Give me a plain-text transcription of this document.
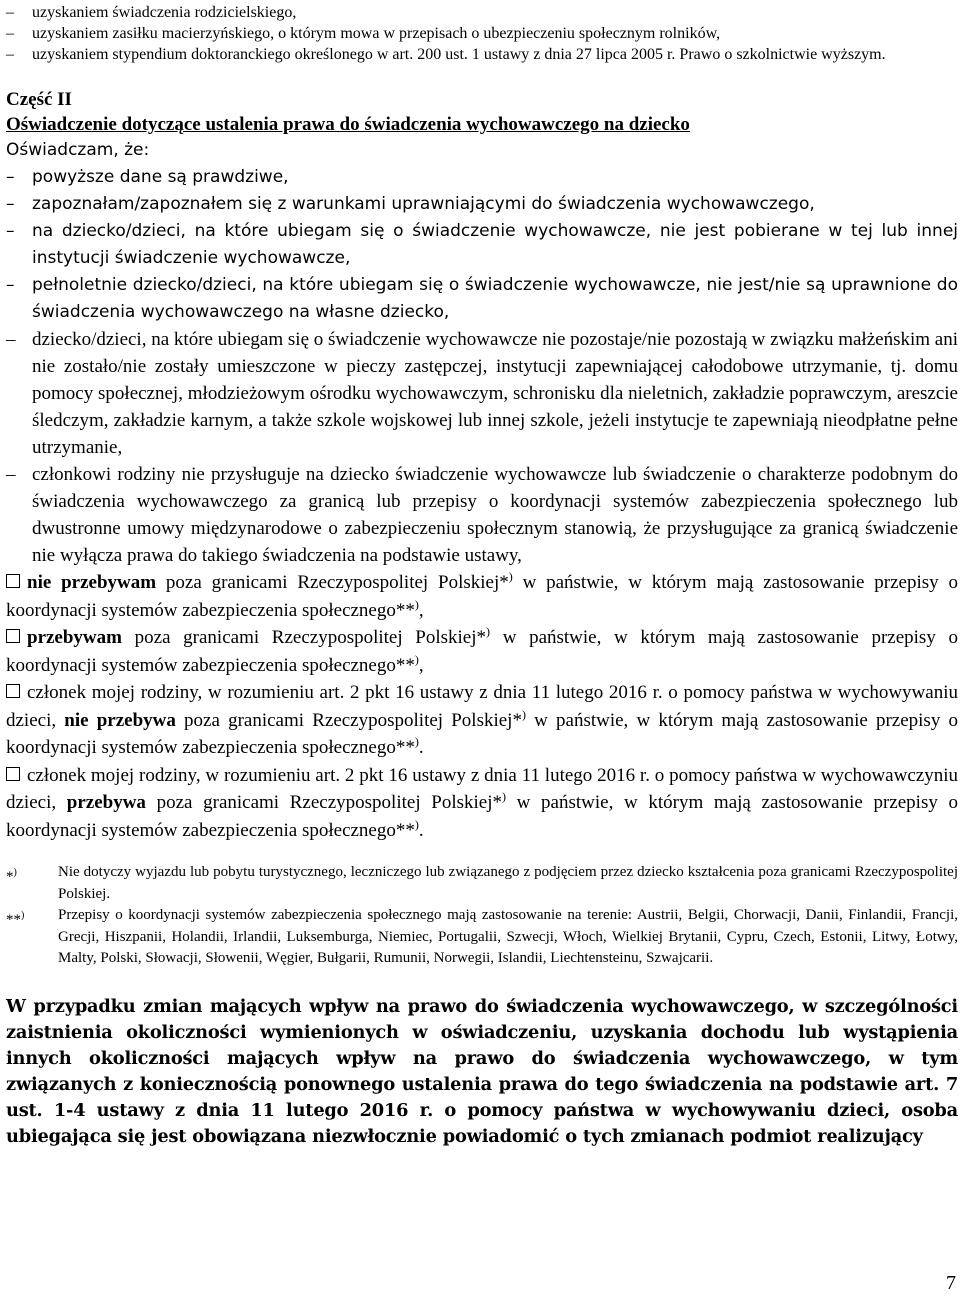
– uzyskaniem świadczenia rodzicielskiego,
– uzyskaniem zasiłku macierzyńskiego, o którym mowa w przepisach o ubezpieczeniu społecznym rolników,
– uzyskaniem stypendium doktoranckiego określonego w art. 200 ust. 1 ustawy z dnia 27 lipca 2005 r. Prawo o szkolnictwie wyższym.
Część II
Oświadczenie dotyczące ustalenia prawa do świadczenia wychowawczego na dziecko
Oświadczam, że:
– powyższe dane są prawdziwe,
– zapoznałam/zapoznałem się z warunkami uprawniającymi do świadczenia wychowawczego,
– na dziecko/dzieci, na które ubiegam się o świadczenie wychowawcze, nie jest pobierane w tej lub innej instytucji świadczenie wychowawcze,
– pełnoletnie dziecko/dzieci, na które ubiegam się o świadczenie wychowawcze, nie jest/nie są uprawnione do świadczenia wychowawczego na własne dziecko,
– dziecko/dzieci, na które ubiegam się o świadczenie wychowawcze nie pozostaje/nie pozostają w związku małżeńskim ani nie zostało/nie zostały umieszczone w pieczy zastępczej, instytucji zapewniającej całodobowe utrzymanie, tj. domu pomocy społecznej, młodzieżowym ośrodku wychowawczym, schronisku dla nieletnich, zakładzie poprawczym, areszcie śledczym, zakładzie karnym, a także szkole wojskowej lub innej szkole, jeżeli instytucje te zapewniają nieodpłatne pełne utrzymanie,
– członkowi rodziny nie przysługuje na dziecko świadczenie wychowawcze lub świadczenie o charakterze podobnym do świadczenia wychowawczego za granicą lub przepisy o koordynacji systemów zabezpieczenia społecznego lub dwustronne umowy międzynarodowe o zabezpieczeniu społecznym stanowią, że przysługujące za granicą świadczenie nie wyłącza prawa do takiego świadczenia na podstawie ustawy,
nie przebywam poza granicami Rzeczypospolitej Polskiej*) w państwie, w którym mają zastosowanie przepisy o koordynacji systemów zabezpieczenia społecznego**),
przebywam poza granicami Rzeczypospolitej Polskiej*) w państwie, w którym mają zastosowanie przepisy o koordynacji systemów zabezpieczenia społecznego**),
członek mojej rodziny, w rozumieniu art. 2 pkt 16 ustawy z dnia 11 lutego 2016 r. o pomocy państwa w wychowywaniu dzieci, nie przebywa poza granicami Rzeczypospolitej Polskiej*) w państwie, w którym mają zastosowanie przepisy o koordynacji systemów zabezpieczenia społecznego**).
członek mojej rodziny, w rozumieniu art. 2 pkt 16 ustawy z dnia 11 lutego 2016 r. o pomocy państwa w wychowawczyniu dzieci, przebywa poza granicami Rzeczypospolitej Polskiej*) w państwie, w którym mają zastosowanie przepisy o koordynacji systemów zabezpieczenia społecznego**).
*)	Nie dotyczy wyjazdu lub pobytu turystycznego, leczniczego lub związanego z podjęciem przez dziecko kształcenia poza granicami Rzeczypospolitej Polskiej.
**) Przepisy o koordynacji systemów zabezpieczenia społecznego mają zastosowanie na terenie: Austrii, Belgii, Chorwacji, Danii, Finlandii, Francji, Grecji, Hiszpanii, Holandii, Irlandii, Luksemburga, Niemiec, Portugalii, Szwecji, Włoch, Wielkiej Brytanii, Cypru, Czech, Estonii, Litwy, Łotwy, Malty, Polski, Słowacji, Słowenii, Węgier, Bułgarii, Rumunii, Norwegii, Islandii, Liechtensteinu, Szwajcarii.
W przypadku zmian mających wpływ na prawo do świadczenia wychowawczego, w szczególności zaistnienia okoliczności wymienionych w oświadczeniu, uzyskania dochodu lub wystąpienia innych okoliczności mających wpływ na prawo do świadczenia wychowawczego, w tym związanych z koniecznością ponownego ustalenia prawa do tego świadczenia na podstawie art. 7 ust. 1-4 ustawy z dnia 11 lutego 2016 r. o pomocy państwa w wychowywaniu dzieci, osoba ubiegająca się jest obowiązana niezwłocznie powiadomić o tych zmianach podmiot realizujący
7
